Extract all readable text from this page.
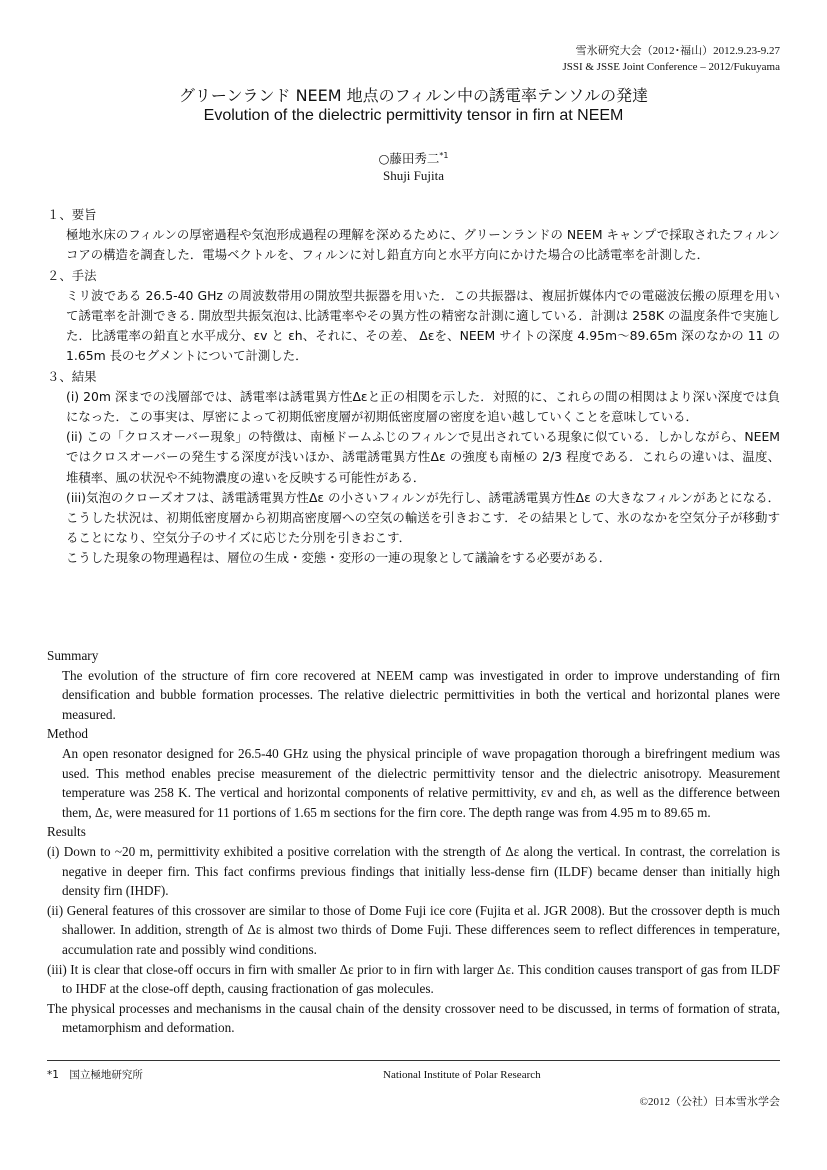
雪氷研究大会（2012･福山）2012.9.23-9.27
JSSI & JSSE Joint Conference – 2012/Fukuyama
グリーンランド NEEM 地点のフィルン中の誘電率テンソルの発達
Evolution of the dielectric permittivity tensor in firn at NEEM
○藤田秀二$^{*1}$
Shuji Fujita

１、要旨

極地氷床のフィルンの厚密過程や気泡形成過程の理解を深めるために、グリーンランドの NEEM キャンプで採取されたフィルンコアの構造を調査した．電場ベクトルを、フィルンに対し鉛直方向と水平方向にかけた場合の比誘電率を計測した．

２、手法

ミリ波である 26.5-40 GHz の周波数帯用の開放型共振器を用いた．この共振器は、複屈折媒体内での電磁波伝搬の原理を用いて誘電率を計測できる. 開放型共振気泡は､比誘電率やその異方性の精密な計測に適している．計測は 258K の温度条件で実施した．比誘電率の鉛直と水平成分、εv と εh、それに、その差、 Δεを、NEEM サイトの深度 4.95m〜89.65m 深のなかの 11 の 1.65m 長のセグメントについて計測した．

３、結果

(i) 20m 深までの浅層部では、誘電率は誘電異方性Δεと正の相関を示した．対照的に、これらの間の相関はより深い深度では負になった．この事実は、厚密によって初期低密度層が初期低密度層の密度を追い越していくことを意味している．

(ii) この「クロスオーバー現象」の特徴は、南極ドームふじのフィルンで見出されている現象に似ている．しかしながら、NEEM ではクロスオーバーの発生する深度が浅いほか、誘電誘電異方性Δε の強度も南極の 2/3 程度である．これらの違いは、温度、堆積率、風の状況や不純物濃度の違いを反映する可能性がある．

(iii)気泡のクローズオフは、誘電誘電異方性Δε の小さいフィルンが先行し、誘電誘電異方性Δε の大きなフィルンがあとになる．こうした状況は、初期低密度層から初期高密度層への空気の輸送を引きおこす．その結果として、氷のなかを空気分子が移動することになり、空気分子のサイズに応じた分別を引きおこす．

こうした現象の物理過程は、層位の生成・変態・変形の一連の現象として議論をする必要がある．

Summary

The evolution of the structure of firn core recovered at NEEM camp was investigated in order to improve understanding of firn densification and bubble formation processes. The relative dielectric permittivities in both the vertical and horizontal planes were measured.

Method

An open resonator designed for 26.5-40 GHz using the physical principle of wave propagation thorough a birefringent medium was used. This method enables precise measurement of the dielectric permittivity tensor and the dielectric anisotropy. Measurement temperature was 258 K. The vertical and horizontal components of relative permittivity, εv and εh, as well as the difference between them, Δε, were measured for 11 portions of 1.65 m sections for the firn core. The depth range was from 4.95 m to 89.65 m.

Results

(i) Down to ~20 m, permittivity exhibited a positive correlation with the strength of Δε along the vertical. In contrast, the correlation is negative in deeper firn. This fact confirms previous findings that initially less-dense firn (ILDF) became denser than initially high density firn (IHDF).

(ii) General features of this crossover are similar to those of Dome Fuji ice core (Fujita et al. JGR 2008). But the crossover depth is much shallower. In addition, strength of Δε is almost two thirds of Dome Fuji. These differences seem to reflect differences in temperature, accumulation rate and possibly wind conditions.

(iii) It is clear that close-off occurs in firn with smaller Δε prior to in firn with larger Δε. This condition causes transport of gas from ILDF to IHDF at the close-off depth, causing fractionation of gas molecules.

The physical processes and mechanisms in the causal chain of the density crossover need to be discussed, in terms of formation of strata, metamorphism and deformation.

*1　国立極地研究所	National Institute of Polar Research
©2012（公社）日本雪氷学会
